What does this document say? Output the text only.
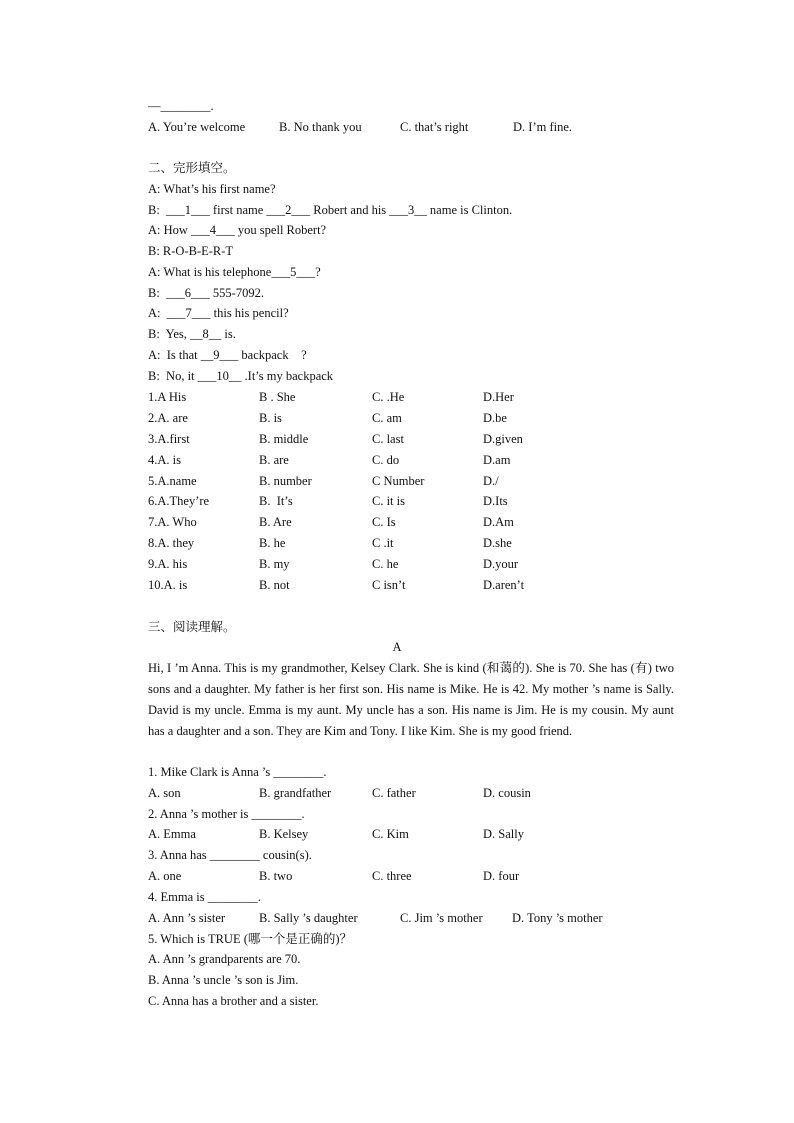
—________.

A. You’re welcome

	B. No thank you

	C. that’s right

	D. I’m fine.

二、完形填空。
A: What’s his first name?
B:  ___1___ first name ___2___ Robert and his ___3__ name is Clinton.
A: How ___4___ you spell Robert?
B: R-O-B-E-R-T
A: What is his telephone___5___?
B:  ___6___ 555-7092.
A:  ___7___ this his pencil?
B:  Yes, __8__ is.
A:  Is that __9___ backpack    ?
B:  No, it ___10__ .It’s my backpack

1.A His

	B . She

	C. .He

	D.Her

2.A. are

	B. is

	C. am

	D.be

3.A.first

	B. middle

	C. last

	D.given

4.A. is

	B. are

	C. do

	D.am

5.A.name

	B. number

	C Number

	D./

6.A.They’re

	B.  It’s

	C. it is

	D.Its

7.A. Who

	B. Are

	C. Is

	D.Am

8.A. they

	B. he

	C .it

	D.she

9.A. his

	B. my

	C. he

	D.your

10.A. is

	B. not

	C isn’t

	D.aren’t

三、阅读理解。
A
Hi, I ’m Anna. This is my grandmother, Kelsey Clark. She is kind (和蔼的). She is 70. She has (有) two sons and a daughter. My father is her first son. His name is Mike. He is 42. My mother ’s name is Sally. David is my uncle. Emma is my aunt. My uncle has a son. His name is Jim. He is my cousin. My aunt has a daughter and a son. They are Kim and Tony. I like Kim. She is my good friend.
1. Mike Clark is Anna ’s ________.

A. son

	B. grandfather

	C. father

	D. cousin

2. Anna ’s mother is ________.

A. Emma

	B. Kelsey

	C. Kim

	D. Sally

3. Anna has ________ cousin(s).

A. one

	B. two

	C. three

	D. four

4. Emma is ________.

A. Ann ’s sister

	B. Sally ’s daughter

	C. Jim ’s mother

D. Tony ’s mother

5. Which is TRUE (哪一个是正确的)？
A. Ann ’s grandparents are 70.
B. Anna ’s uncle ’s son is Jim.
C. Anna has a brother and a sister.
